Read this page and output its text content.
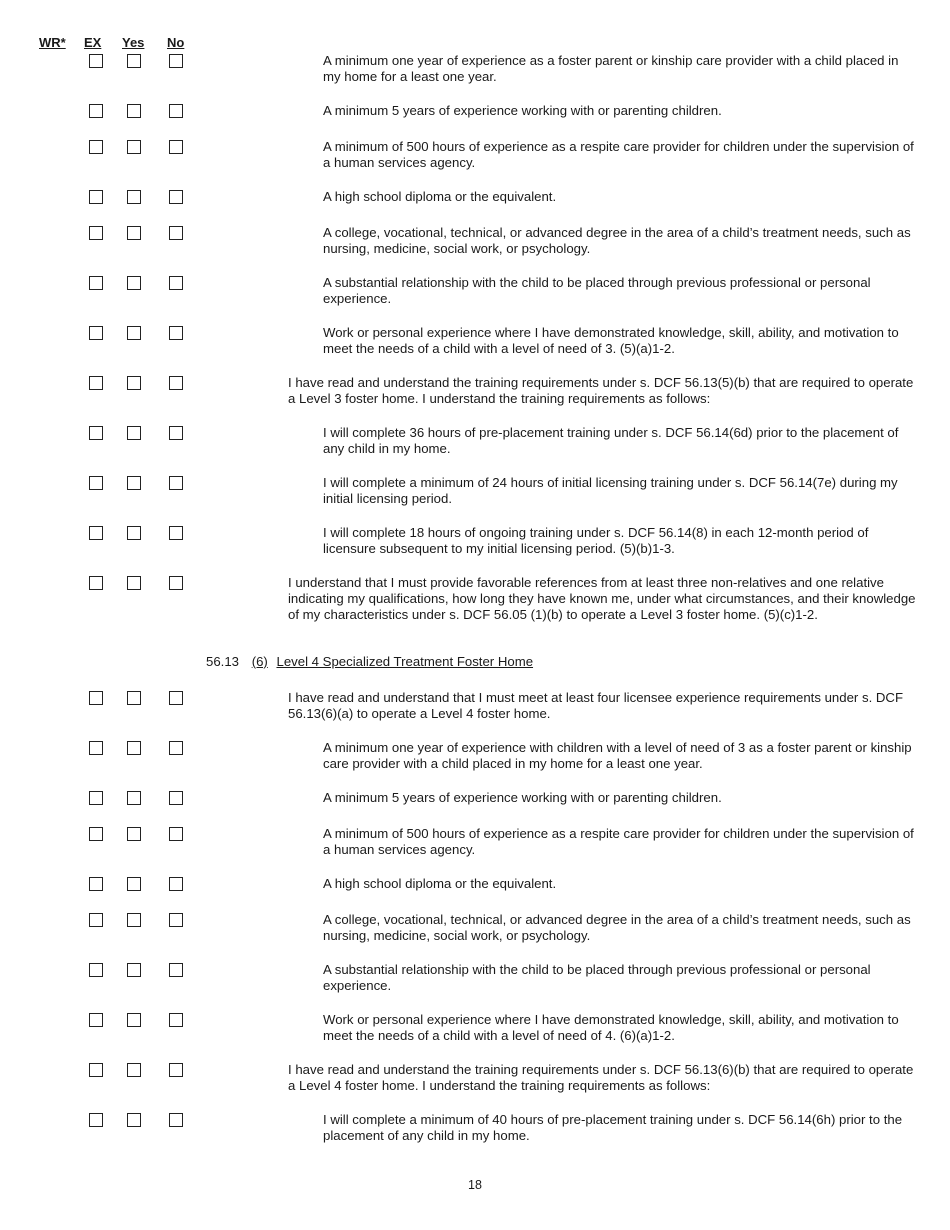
WR* EX Yes No
A minimum one year of experience as a foster parent or kinship care provider with a child placed in my home for a least one year.
A minimum 5 years of experience working with or parenting children.
A minimum of 500 hours of experience as a respite care provider for children under the supervision of a human services agency.
A high school diploma or the equivalent.
A college, vocational, technical, or advanced degree in the area of a child’s treatment needs, such as nursing, medicine, social work, or psychology.
A substantial relationship with the child to be placed through previous professional or personal experience.
Work or personal experience where I have demonstrated knowledge, skill, ability, and motivation to meet the needs of a child with a level of need of 3. (5)(a)1-2.
I have read and understand the training requirements under s. DCF 56.13(5)(b) that are required to operate a Level 3 foster home. I understand the training requirements as follows:
I will complete 36 hours of pre-placement training under s. DCF 56.14(6d) prior to the placement of any child in my home.
I will complete a minimum of 24 hours of initial licensing training under s. DCF 56.14(7e) during my initial licensing period.
I will complete 18 hours of ongoing training under s. DCF 56.14(8) in each 12-month period of licensure subsequent to my initial licensing period. (5)(b)1-3.
I understand that I must provide favorable references from at least three non-relatives and one relative indicating my qualifications, how long they have known me, under what circumstances, and their knowledge of my characteristics under s. DCF 56.05 (1)(b) to operate a Level 3 foster home. (5)(c)1-2.
56.13 (6) Level 4 Specialized Treatment Foster Home
I have read and understand that I must meet at least four licensee experience requirements under s. DCF 56.13(6)(a) to operate a Level 4 foster home.
A minimum one year of experience with children with a level of need of 3 as a foster parent or kinship care provider with a child placed in my home for a least one year.
A minimum 5 years of experience working with or parenting children.
A minimum of 500 hours of experience as a respite care provider for children under the supervision of a human services agency.
A high school diploma or the equivalent.
A college, vocational, technical, or advanced degree in the area of a child’s treatment needs, such as nursing, medicine, social work, or psychology.
A substantial relationship with the child to be placed through previous professional or personal experience.
Work or personal experience where I have demonstrated knowledge, skill, ability, and motivation to meet the needs of a child with a level of need of 4. (6)(a)1-2.
I have read and understand the training requirements under s. DCF 56.13(6)(b) that are required to operate a Level 4 foster home. I understand the training requirements as follows:
I will complete a minimum of 40 hours of pre-placement training under s. DCF 56.14(6h) prior to the placement of any child in my home.
18
